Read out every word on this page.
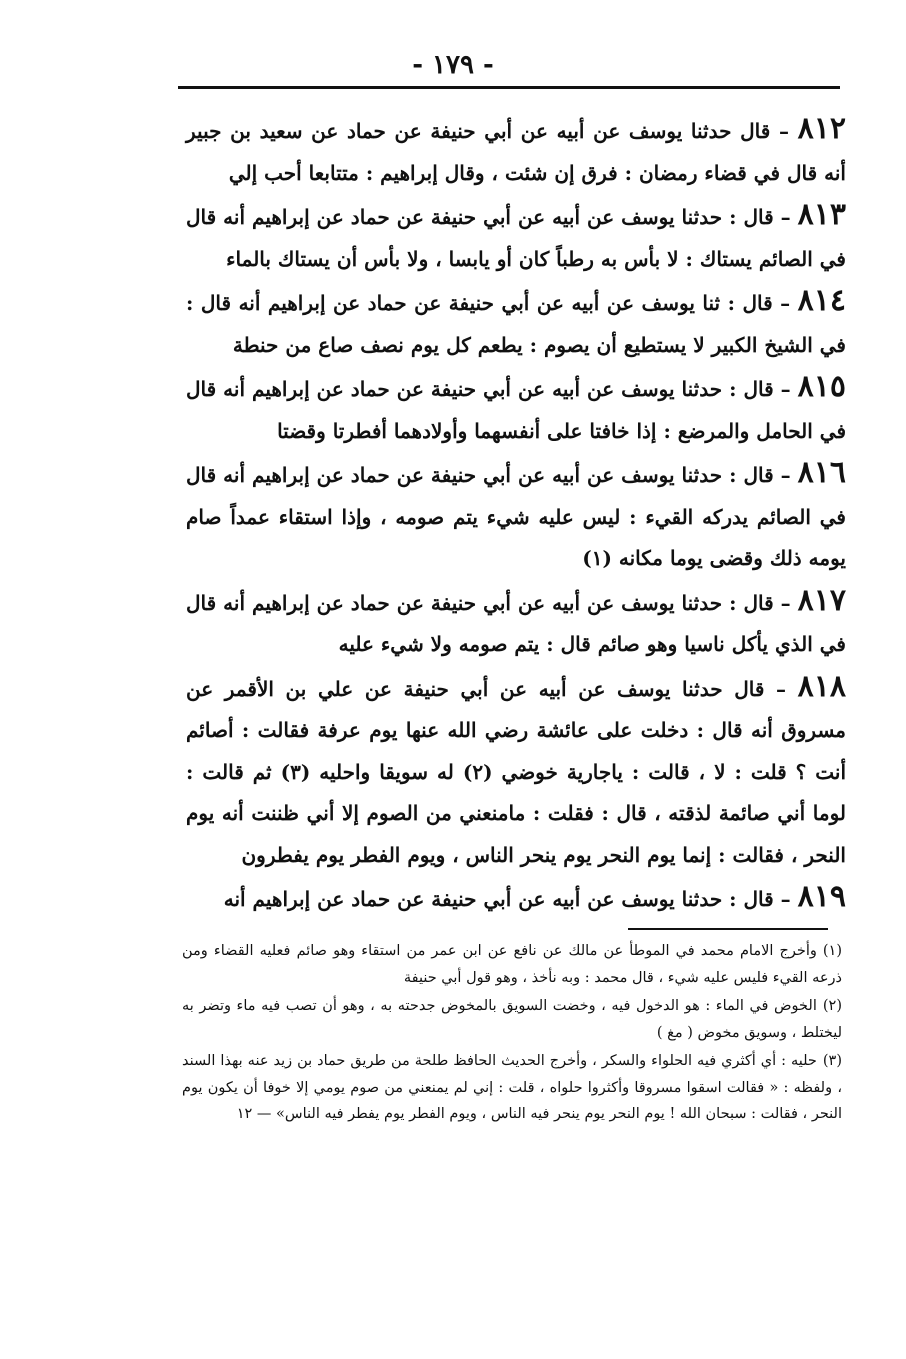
- ١٧٩ -

٨١٢ – قال حدثنا يوسف عن أبيه عن أبي حنيفة عن حماد عن سعيد بن جبير أنه قال في قضاء رمضان : فرق إن شئت ، وقال إبراهيم : متتابعا أحب إلي

٨١٣ – قال : حدثنا يوسف عن أبيه عن أبي حنيفة عن حماد عن إبراهيم أنه قال في الصائم يستاك : لا بأس به رطباً كان أو يابسا ، ولا بأس أن يستاك بالماء

٨١٤ – قال : ثنا يوسف عن أبيه عن أبي حنيفة عن حماد عن إبراهيم أنه قال : في الشيخ الكبير لا يستطيع أن يصوم : يطعم كل يوم نصف صاع من حنطة

٨١٥ – قال : حدثنا يوسف عن أبيه عن أبي حنيفة عن حماد عن إبراهيم أنه قال في الحامل والمرضع : إذا خافتا على أنفسهما وأولادهما أفطرتا وقضتا

٨١٦ – قال : حدثنا يوسف عن أبيه عن أبي حنيفة عن حماد عن إبراهيم أنه قال في الصائم يدركه القيء : ليس عليه شيء يتم صومه ، وإذا استقاء عمداً صام يومه ذلك وقضى يوما مكانه (١)

٨١٧ – قال : حدثنا يوسف عن أبيه عن أبي حنيفة عن حماد عن إبراهيم أنه قال في الذي يأكل ناسيا وهو صائم قال : يتم صومه ولا شيء عليه

٨١٨ – قال حدثنا يوسف عن أبيه عن أبي حنيفة عن علي بن الأقمر عن مسروق أنه قال : دخلت على عائشة رضي الله عنها يوم عرفة فقالت : أصائم أنت ؟ قلت : لا ، قالت : ياجارية خوضي (٢) له سويقا واحليه (٣) ثم قالت : لوما أني صائمة لذقته ، قال : فقلت : مامنعني من الصوم إلا أني ظننت أنه يوم النحر ، فقالت : إنما يوم النحر يوم ينحر الناس ، ويوم الفطر يوم يفطرون

٨١٩ – قال : حدثنا يوسف عن أبيه عن أبي حنيفة عن حماد عن إبراهيم أنه

(١)وأخرج الامام محمد في الموطأ عن مالك عن نافع عن ابن عمر من استقاء وهو صائم فعليه القضاء ومن ذرعه القيء فليس عليه شيء ، قال محمد : وبه نأخذ ، وهو قول أبي حنيفة

(٢)الخوض في الماء : هو الدخول فيه ، وخضت السويق بالمخوض جدحته به ، وهو أن تصب فيه ماء وتضر به ليختلط ، وسويق مخوض ( مغ )

(٣)حليه : أي أكثري فيه الحلواء والسكر ، وأخرج الحديث الحافظ طلحة من طريق حماد بن زيد عنه بهذا السند ، ولفظه : « فقالت اسقوا مسروقا وأكثروا حلواه ، قلت : إني لم يمنعني من صوم يومي إلا خوفا أن يكون يوم النحر ، فقالت : سبحان الله ! يوم النحر يوم ينحر فيه الناس ، ويوم الفطر يوم يفطر فيه الناس» — ١٢
